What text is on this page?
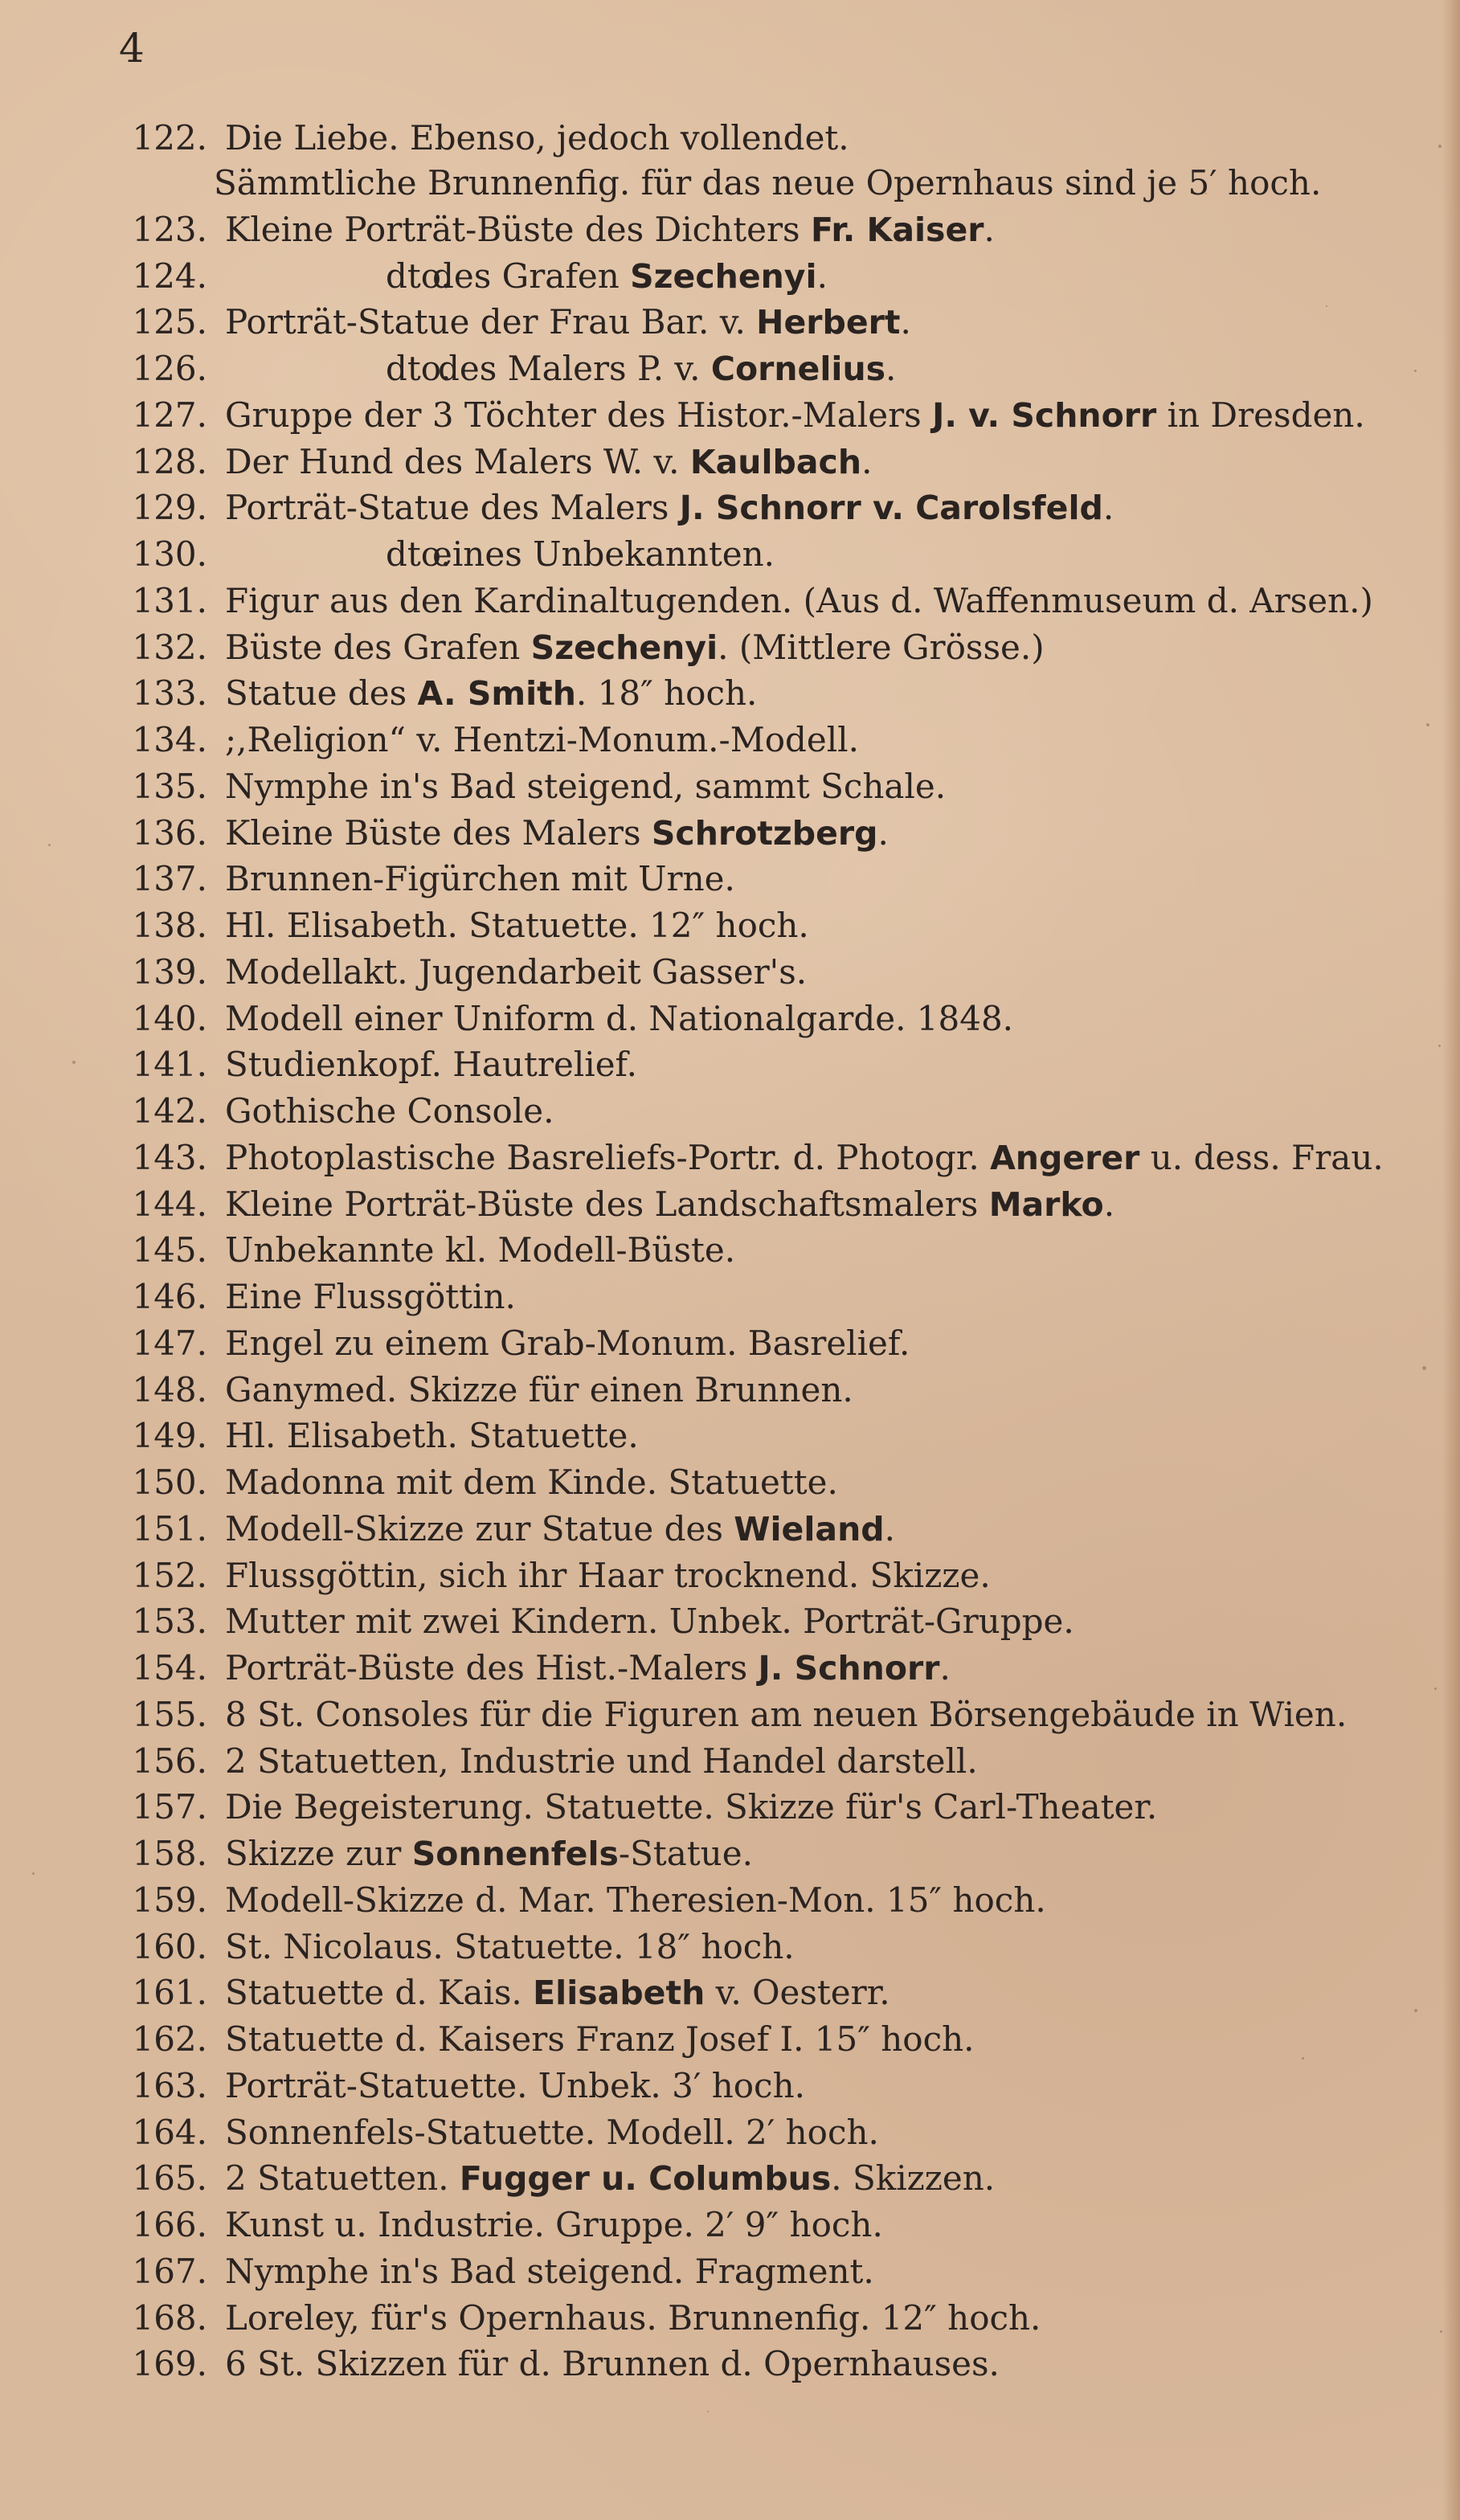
4
Sämmtliche Brunnenfig. für das neue Opernhaus sind je 5′ hoch.
122. Die Liebe. Ebenso, jedoch vollendet.
123. Kleine Porträt-Büste des Dichters Fr. Kaiser.
124.	dto.des Grafen Szechenyi.
125. Porträt-Statue der Frau Bar. v. Herbert.
126.	dto.des Malers P. v. Cornelius.
127. Gruppe der 3 Töchter des Histor.-Malers J. v. Schnorr in Dresden.
128. Der Hund des Malers W. v. Kaulbach.
129. Porträt-Statue des Malers J. Schnorr v. Carolsfeld.
130.	dto.eines Unbekannten.
131. Figur aus den Kardinaltugenden. (Aus d. Waffenmuseum d. Arsen.)
132. Büste des Grafen Szechenyi. (Mittlere Grösse.)
133. Statue des A. Smith. 18″ hoch.
134. ;,Religion“ v. Hentzi-Monum.-Modell.
135. Nymphe in's Bad steigend, sammt Schale.
136. Kleine Büste des Malers Schrotzberg.
137. Brunnen-Figürchen mit Urne.
138. Hl. Elisabeth. Statuette. 12″ hoch.
139. Modellakt. Jugendarbeit Gasser's.
140. Modell einer Uniform d. Nationalgarde. 1848.
141. Studienkopf. Hautrelief.
142. Gothische Console.
143. Photoplastische Basreliefs-Portr. d. Photogr. Angerer u. dess. Frau.
144. Kleine Porträt-Büste des Landschaftsmalers Marko.
145. Unbekannte kl. Modell-Büste.
146. Eine Flussgöttin.
147. Engel zu einem Grab-Monum. Basrelief.
148. Ganymed. Skizze für einen Brunnen.
149. Hl. Elisabeth. Statuette.
150. Madonna mit dem Kinde. Statuette.
151. Modell-Skizze zur Statue des Wieland.
152. Flussgöttin, sich ihr Haar trocknend. Skizze.
153. Mutter mit zwei Kindern. Unbek. Porträt-Gruppe.
154. Porträt-Büste des Hist.-Malers J. Schnorr.
155. 8 St. Consoles für die Figuren am neuen Börsengebäude in Wien.
156. 2 Statuetten, Industrie und Handel darstell.
157. Die Begeisterung. Statuette. Skizze für's Carl-Theater.
158. Skizze zur Sonnenfels-Statue.
159. Modell-Skizze d. Mar. Theresien-Mon. 15″ hoch.
160. St. Nicolaus. Statuette. 18″ hoch.
161. Statuette d. Kais. Elisabeth v. Oesterr.
162. Statuette d. Kaisers Franz Josef I. 15″ hoch.
163. Porträt-Statuette. Unbek. 3′ hoch.
164. Sonnenfels-Statuette. Modell. 2′ hoch.
165. 2 Statuetten. Fugger u. Columbus. Skizzen.
166. Kunst u. Industrie. Gruppe. 2′ 9″ hoch.
167. Nymphe in's Bad steigend. Fragment.
168. Loreley, für's Opernhaus. Brunnenfig. 12″ hoch.
169. 6 St. Skizzen für d. Brunnen d. Opernhauses.
